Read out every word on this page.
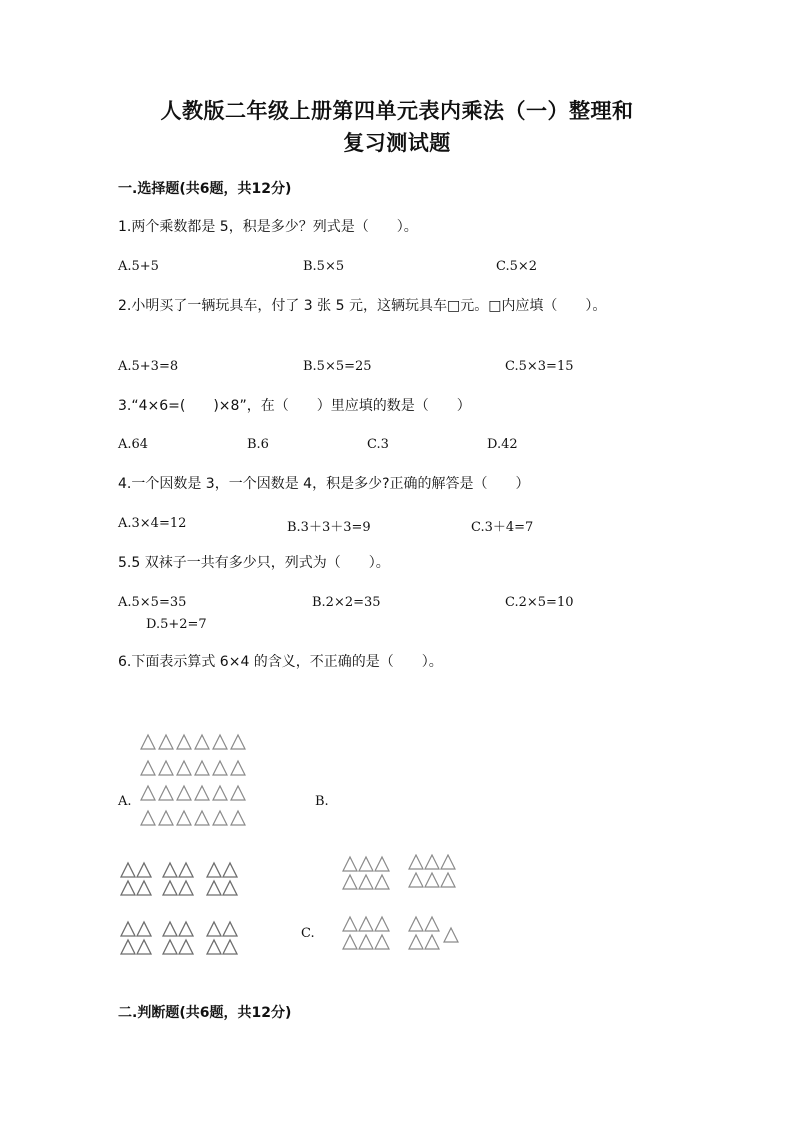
人教版二年级上册第四单元表内乘法（一）整理和
复习测试题
一.选择题(共6题，共12分)
1.两个乘数都是 5，积是多少？列式是（　　）。
A.5+5	B.5×5	C.5×2
2.小明买了一辆玩具车，付了 3 张 5 元，这辆玩具车□元。□内应填（　　）。
A.5+3=8	B.5×5=25	C.5×3=15
3.“4×6=(　　)×8”，在（　　）里应填的数是（　　）
A.64	B.6	C.3	D.42
4.一个因数是 3，一个因数是 4，积是多少?正确的解答是（　　）
A.3×4=12	B.3＋3＋3=9	C.3＋4=7
5.5 双袜子一共有多少只，列式为（　　）。
A.5×5=35	B.2×2=35	C.2×5=10
D.5+2=7
6.下面表示算式 6×4 的含义，不正确的是（　　）。
A.	B.
C.
二.判断题(共6题，共12分)
